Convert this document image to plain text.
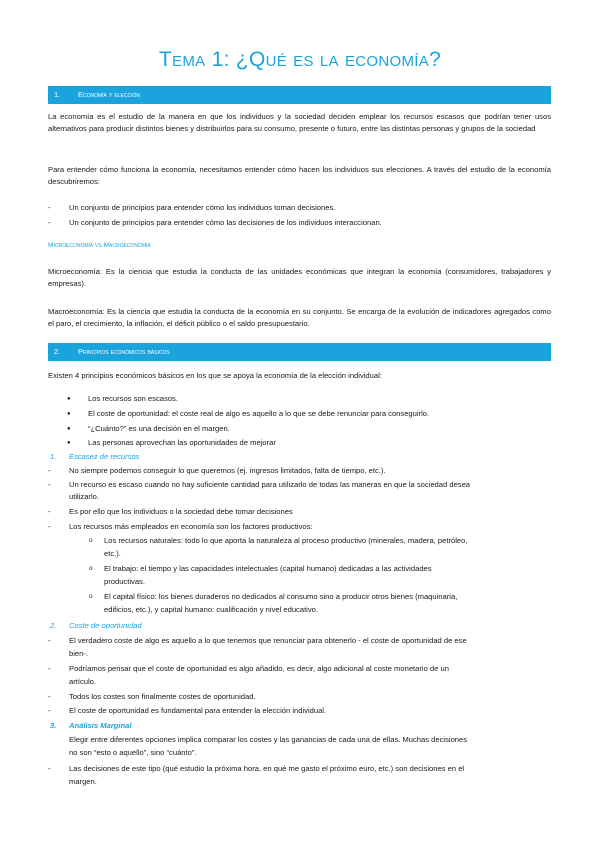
Tema 1: ¿Qué es la economía?
1. Economía y elección
La economía es el estudio de la manera en que los individuos y la sociedad deciden emplear los recursos escasos que podrían tener usos alternativos para producir distintos bienes y distribuirlos para su consumo, presente o futuro, entre las distintas personas y grupos de la sociedad
Para entender cómo funciona la economía, necesitamos entender cómo hacen los individuos sus elecciones. A través del estudio de la economía descubriremos:
-	Un conjunto de principios para entender cómo los individuos toman decisiones.
-	Un conjunto de principios para entender cómo las decisiones de los individuos interaccionan.
Microeconomía vs Macroeconomía
Microeconomía: Es la ciencia que estudia la conducta de las unidades económicas que integran la economía (consumidores, trabajadores y empresas).
Macroeconomía: Es la ciencia que estudia la conducta de la economía en su conjunto. Se encarga de la evolución de indicadores agregados como el paro, el crecimiento, la inflación, el déficit público o el saldo presupuestario.
2. Principios económicos básicos
Existen 4 principios económicos básicos en los que se apoya la economía de la elección individual:
● Los recursos son escasos.
● El coste de oportunidad: el coste real de algo es aquello a lo que se debe renunciar para conseguirlo.
● “¿Cuánto?” es una decisión en el margen.
● Las personas aprovechan las oportunidades de mejorar
1. Escasez de recursos
-	No siempre podemos conseguir lo que queremos (ej. ingresos limitados, falta de tiempo, etc.).
-	Un recurso es escaso cuando no hay suficiente cantidad para utilizarlo de todas las maneras en que la sociedad desea
utilizarlo.
-	Es por ello que los individuos o la sociedad debe tomar decisiones
-	Los recursos más empleados en economía son los factores productivos:
o Los recursos naturales: todo lo que aporta la naturaleza al proceso productivo (minerales, madera, petróleo,
etc.).
o El trabajo: el tiempo y las capacidades intelectuales (capital humano) dedicadas a las actividades
productivas.
o El capital físico: los bienes duraderos no dedicados al consumo sino a producir otros bienes (maquinaria,
edificios, etc.), y capital humano: cualificación y nivel educativo.
2. Coste de oportunidad
-	El verdadero coste de algo es aquello a lo que tenemos que renunciar para obtenerlo - el coste de oportunidad de ese
bien-.
-	Podríamos pensar que el coste de oportunidad es algo añadido, es decir, algo adicional al coste monetario de un
artículo.
-	Todos los costes son finalmente costes de oportunidad.
-	El coste de oportunidad es fundamental para entender la elección individual.
3. Análisis Marginal
Elegir entre diferentes opciones implica comparar los costes y las ganancias de cada una de ellas. Muchas decisiones
no son “esto o aquello”, sino “cuánto”.
-	Las decisiones de este tipo (qué estudio la próxima hora, en qué me gasto el próximo euro, etc.) son decisiones en el
margen.
